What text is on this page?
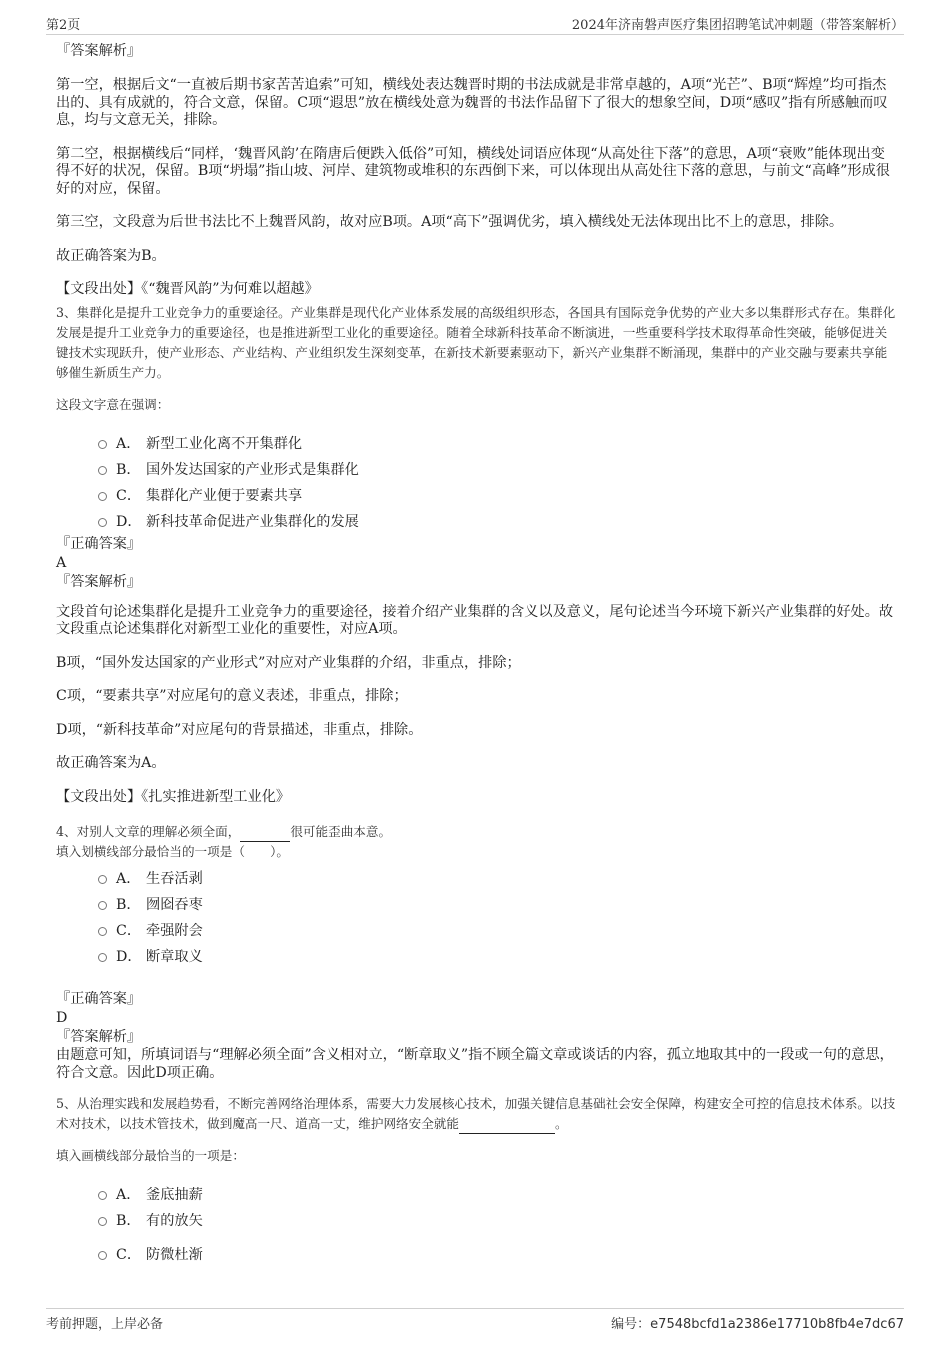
第2页	2024年济南磐声医疗集团招聘笔试冲刺题（带答案解析）

『答案解析』

第一空，根据后文“一直被后期书家苦苦追索”可知，横线处表达魏晋时期的书法成就是非常卓越的，A项“光芒”、B项“辉煌”均可指杰出的、具有成就的，符合文意，保留。C项“遐思”放在横线处意为魏晋的书法作品留下了很大的想象空间，D项“感叹”指有所感触而叹息，均与文意无关，排除。

第二空，根据横线后“同样，‘魏晋风韵’在隋唐后便跌入低俗”可知，横线处词语应体现“从高处往下落”的意思，A项“衰败”能体现出变得不好的状况，保留。B项“坍塌”指山坡、河岸、建筑物或堆积的东西倒下来，可以体现出从高处往下落的意思，与前文“高峰”形成很好的对应，保留。

第三空，文段意为后世书法比不上魏晋风韵，故对应B项。A项“高下”强调优劣，填入横线处无法体现出比不上的意思，排除。

故正确答案为B。

【文段出处】《“魏晋风韵”为何难以超越》

3、集群化是提升工业竞争力的重要途径。产业集群是现代化产业体系发展的高级组织形态，各国具有国际竞争优势的产业大多以集群形式存在。集群化发展是提升工业竞争力的重要途径，也是推进新型工业化的重要途径。随着全球新科技革命不断演进，一些重要科学技术取得革命性突破，能够促进关键技术实现跃升，使产业形态、产业结构、产业组织发生深刻变革，在新技术新要素驱动下，新兴产业集群不断涌现，集群中的产业交融与要素共享能够催生新质生产力。

这段文字意在强调：

A． 新型工业化离不开集群化
B． 国外发达国家的产业形式是集群化
C． 集群化产业便于要素共享
D． 新科技革命促进产业集群化的发展

『正确答案』

A

『答案解析』

文段首句论述集群化是提升工业竞争力的重要途径，接着介绍产业集群的含义以及意义，尾句论述当今环境下新兴产业集群的好处。故文段重点论述集群化对新型工业化的重要性，对应A项。

B项，“国外发达国家的产业形式”对应对产业集群的介绍，非重点，排除；

C项，“要素共享”对应尾句的意义表述，非重点，排除；

D项，“新科技革命”对应尾句的背景描述，非重点，排除。

故正确答案为A。

【文段出处】《扎实推进新型工业化》

4、对别人文章的理解必须全面，	很可能歪曲本意。

填入划横线部分最恰当的一项是（　　）。

A． 生吞活剥
B． 囫囵吞枣
C． 牵强附会
D． 断章取义

『正确答案』

D

『答案解析』

由题意可知，所填词语与“理解必须全面”含义相对立，“断章取义”指不顾全篇文章或谈话的内容，孤立地取其中的一段或一句的意思，符合文意。因此D项正确。

5、从治理实践和发展趋势看，不断完善网络治理体系，需要大力发展核心技术，加强关键信息基础社会安全保障，构建安全可控的信息技术体系。以技术对技术，以技术管技术，做到魔高一尺、道高一丈，维护网络安全就能	。

填入画横线部分最恰当的一项是：

A． 釜底抽薪
B． 有的放矢
C． 防微杜渐
考前押题，上岸必备	编号：e7548bcfd1a2386e17710b8fb4e7dc67
